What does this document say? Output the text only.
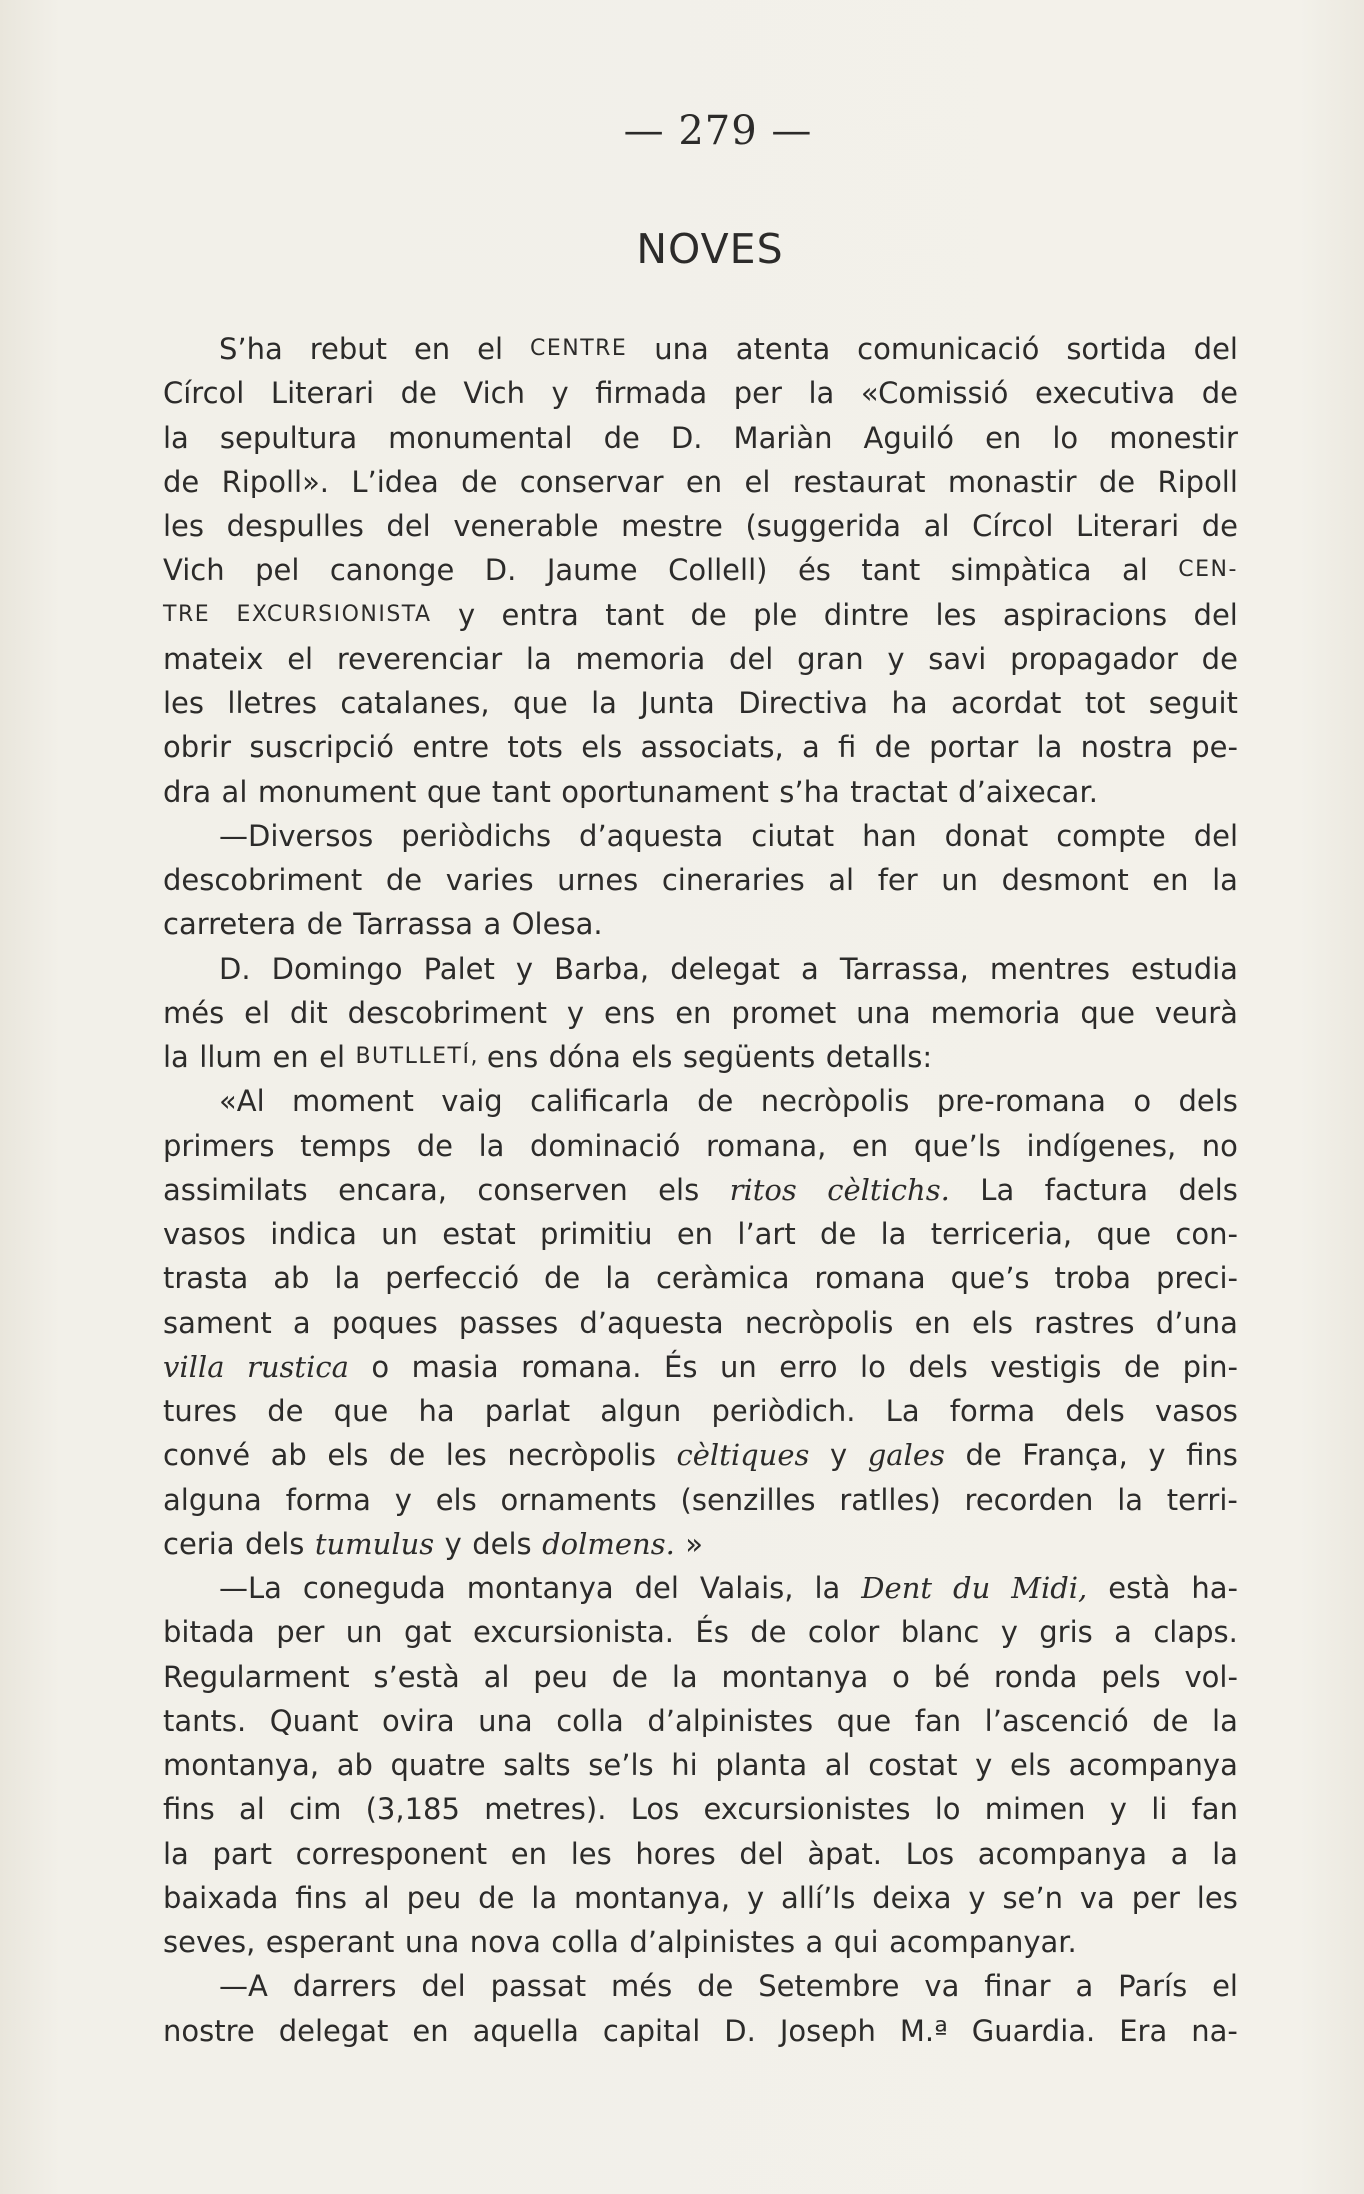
— 279 —
NOVES
S’ha rebut en el CENTRE una atenta comunicació sortida del
Círcol Literari de Vich y firmada per la «Comissió executiva de
la sepultura monumental de D. Mariàn Aguiló en lo monestir
de Ripoll». L’idea de conservar en el restaurat monastir de Ripoll
les despulles del venerable mestre (suggerida al Círcol Literari de
Vich pel canonge D. Jaume Collell) és tant simpàtica al CEN-
TRE EXCURSIONISTA y entra tant de ple dintre les aspiracions del
mateix el reverenciar la memoria del gran y savi propagador de
les lletres catalanes, que la Junta Directiva ha acordat tot seguit
obrir suscripció entre tots els associats, a fi de portar la nostra pe-
dra al monument que tant oportunament s’ha tractat d’aixecar.
—Diversos periòdichs d’aquesta ciutat han donat compte del
descobriment de varies urnes cineraries al fer un desmont en la
carretera de Tarrassa a Olesa.
D. Domingo Palet y Barba, delegat a Tarrassa, mentres estudia
més el dit descobriment y ens en promet una memoria que veurà
la llum en el BUTLLETÍ, ens dóna els següents detalls:
«Al moment vaig calificarla de necròpolis pre-romana o dels
primers temps de la dominació romana, en que’ls indígenes, no
assimilats encara, conserven els ritos cèltichs. La factura dels
vasos indica un estat primitiu en l’art de la terriceria, que con-
trasta ab la perfecció de la ceràmica romana que’s troba preci-
sament a poques passes d’aquesta necròpolis en els rastres d’una
villa rustica o masia romana. És un erro lo dels vestigis de pin-
tures de que ha parlat algun periòdich. La forma dels vasos
convé ab els de les necròpolis cèltiques y gales de França, y fins
alguna forma y els ornaments (senzilles ratlles) recorden la terri-
ceria dels tumulus y dels dolmens. »
—La coneguda montanya del Valais, la Dent du Midi, està ha-
bitada per un gat excursionista. És de color blanc y gris a claps.
Regularment s’està al peu de la montanya o bé ronda pels vol-
tants. Quant ovira una colla d’alpinistes que fan l’ascenció de la
montanya, ab quatre salts se’ls hi planta al costat y els acompanya
fins al cim (3,185 metres). Los excursionistes lo mimen y li fan
la part corresponent en les hores del àpat. Los acompanya a la
baixada fins al peu de la montanya, y allí’ls deixa y se’n va per les
seves, esperant una nova colla d’alpinistes a qui acompanyar.
—A darrers del passat més de Setembre va finar a París el
nostre delegat en aquella capital D. Joseph M.ª Guardia. Era na-
